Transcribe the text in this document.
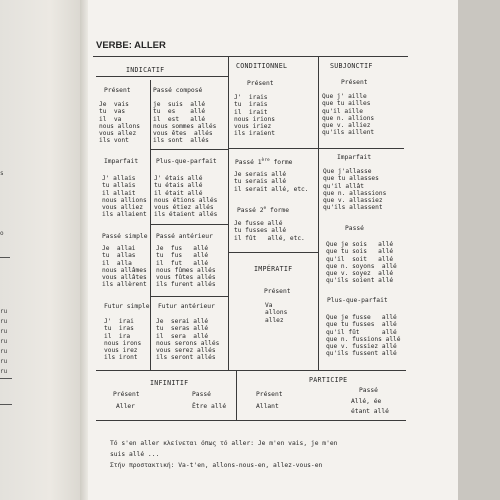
s
o
ru
ru
ru
ru
ru
ru
ru
VERBE: ALLER
INDICATIF
Présent
Je  vais
tu  vas
il  va
nous allons
vous allez
ils vont
Passé composé
je  suis  allé
tu  es    allé
il  est   allé
nous sommes allés
vous êtes  allés
ils sont  allés
Imparfait
J' allais
tu allais
il allait
nous allions
vous alliez
ils allaient
Plus-que-parfait
J' étais allé
tu étais allé
il était allé
nous étions allés
vous étiez allés
ils étaient allés
Passé simple
Je  allai
tu  allas
il  alla
nous allâmes
vous allâtes
ils allèrent
Passé antérieur
Je  fus   allé
tu  fus   allé
il  fut   allé
nous fûmes allés
vous fûtes allés
ils furent allés
Futur simple
J'  irai
tu  iras
il  ira
nous irons
vous irez
ils iront
Futur antérieur
Je  serai allé
tu  seras allé
il  sera  allé
nous serons allés
vous serez allés
ils seront allés
CONDITIONNEL
Présent
J'  irais
tu  irais
il  irait
nous irions
vous iriez
ils iraient
Passé 1ère forme
Je serais allé
tu serais allé
il serait allé, etc.
Passé 2e forme
Je fusse allé
tu fusses allé
il fût   allé, etc.
SUBJONCTIF
Présent
Que j' aille
que tu ailles
qu'il aille
que n. allions
que v. alliez
qu'ils aillent
Imparfait
Que j'allasse
que tu allasses
qu'il allât
que n. allassions
que v. allassiez
qu'ils allassent
Passé
Que je sois   allé
que tu sois   allé
qu'il  soit   allé
que n. soyons  allé
que v. soyez  allé
qu'ils soient allé
Plus-que-parfait
Que je fusse   allé
que tu fusses  allé
qu'il fût      allé
que n. fussions allé
que v. fussiez allé
qu'ils fussent allé
IMPÉRATIF
Présent
Va
allons
allez
INFINITIF
Présent
Aller
Passé
Être allé
PARTICIPE
Présent
Allant
Passé
Allé, ée
étant allé
Τό s'en aller κλείνεται όπως τό aller: Je m'en vais, je m'en
suis allé ...
Στήν προστακτική: Va-t'en, allons-nous-en, allez-vous-en
